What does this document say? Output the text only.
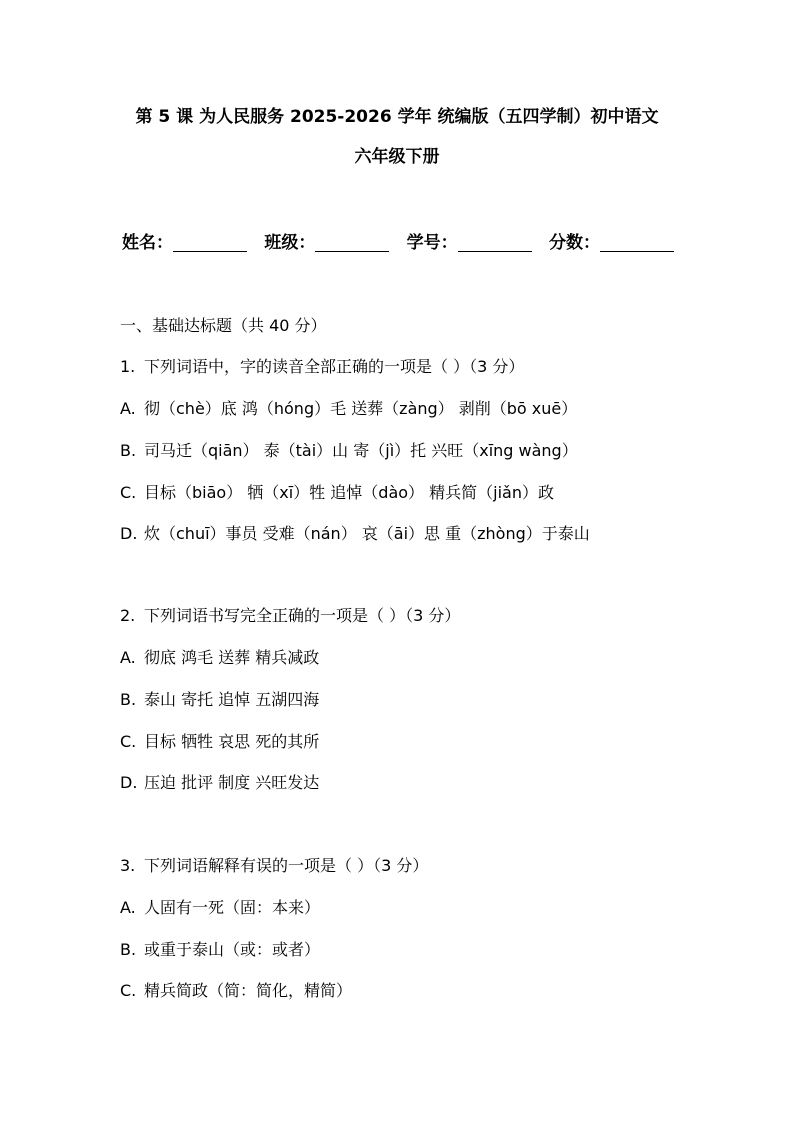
第 5 课 为人民服务 2025-2026 学年 统编版（五四学制）初中语文
六年级下册
姓名：	班级：	学号：	分数：
一、基础达标题（共 40 分）
1. 下列词语中，字的读音全部正确的一项是（ ）（3 分）
A. 彻（chè）底 鸿（hóng）毛 送葬（zàng） 剥削（bō xuē）
B. 司马迁（qiān） 泰（tài）山 寄（jì）托 兴旺（xīng wàng）
C. 目标（biāo） 牺（xī）牲 追悼（dào） 精兵简（jiǎn）政
D. 炊（chuī）事员 受难（nán） 哀（āi）思 重（zhòng）于泰山
2. 下列词语书写完全正确的一项是（ ）（3 分）
A. 彻底 鸿毛 送葬 精兵减政
B. 泰山 寄托 追悼 五湖四海
C. 目标 牺牲 哀思 死的其所
D. 压迫 批评 制度 兴旺发达
3. 下列词语解释有误的一项是（ ）（3 分）
A. 人固有一死（固：本来）
B. 或重于泰山（或：或者）
C. 精兵简政（简：简化，精简）
